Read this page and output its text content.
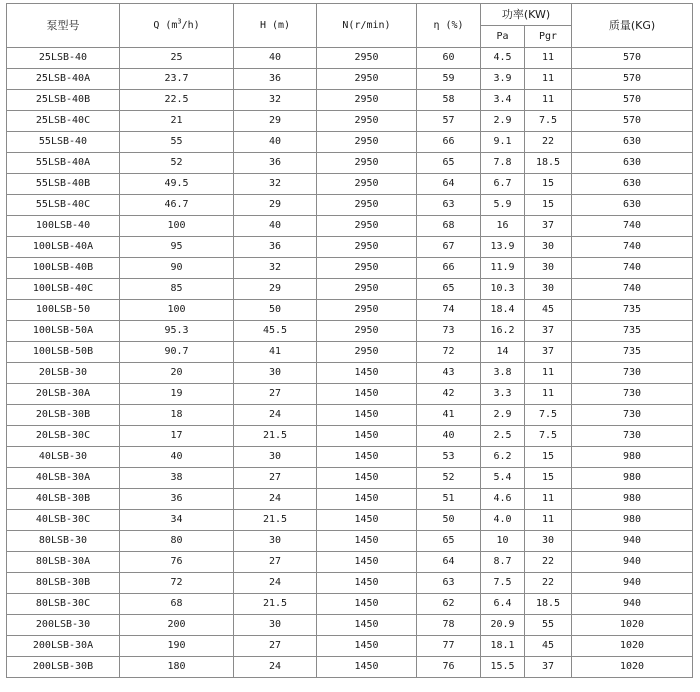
泵型号	Q $(m^3/h)$	H (m)	N(r/min)	η (%)	功率(KW)		质量(KG)
					Pa	Pgr	
25LSB-40	25	40	2950	60	4.5	11	570
25LSB-40A	23.7	36	2950	59	3.9	11	570
25LSB-40B	22.5	32	2950	58	3.4	11	570
25LSB-40C	21	29	2950	57	2.9	7.5	570
55LSB-40	55	40	2950	66	9.1	22	630
55LSB-40A	52	36	2950	65	7.8	18.5	630
55LSB-40B	49.5	32	2950	64	6.7	15	630
55LSB-40C	46.7	29	2950	63	5.9	15	630
100LSB-40	100	40	2950	68	16	37	740
100LSB-40A	95	36	2950	67	13.9	30	740
100LSB-40B	90	32	2950	66	11.9	30	740
100LSB-40C	85	29	2950	65	10.3	30	740
100LSB-50	100	50	2950	74	18.4	45	735
100LSB-50A	95.3	45.5	2950	73	16.2	37	735
100LSB-50B	90.7	41	2950	72	14	37	735
20LSB-30	20	30	1450	43	3.8	11	730
20LSB-30A	19	27	1450	42	3.3	11	730
20LSB-30B	18	24	1450	41	2.9	7.5	730
20LSB-30C	17	21.5	1450	40	2.5	7.5	730
40LSB-30	40	30	1450	53	6.2	15	980
40LSB-30A	38	27	1450	52	5.4	15	980
40LSB-30B	36	24	1450	51	4.6	11	980
40LSB-30C	34	21.5	1450	50	4.0	11	980
80LSB-30	80	30	1450	65	10	30	940
80LSB-30A	76	27	1450	64	8.7	22	940
80LSB-30B	72	24	1450	63	7.5	22	940
80LSB-30C	68	21.5	1450	62	6.4	18.5	940
200LSB-30	200	30	1450	78	20.9	55	1020
200LSB-30A	190	27	1450	77	18.1	45	1020
200LSB-30B	180	24	1450	76	15.5	37	1020
